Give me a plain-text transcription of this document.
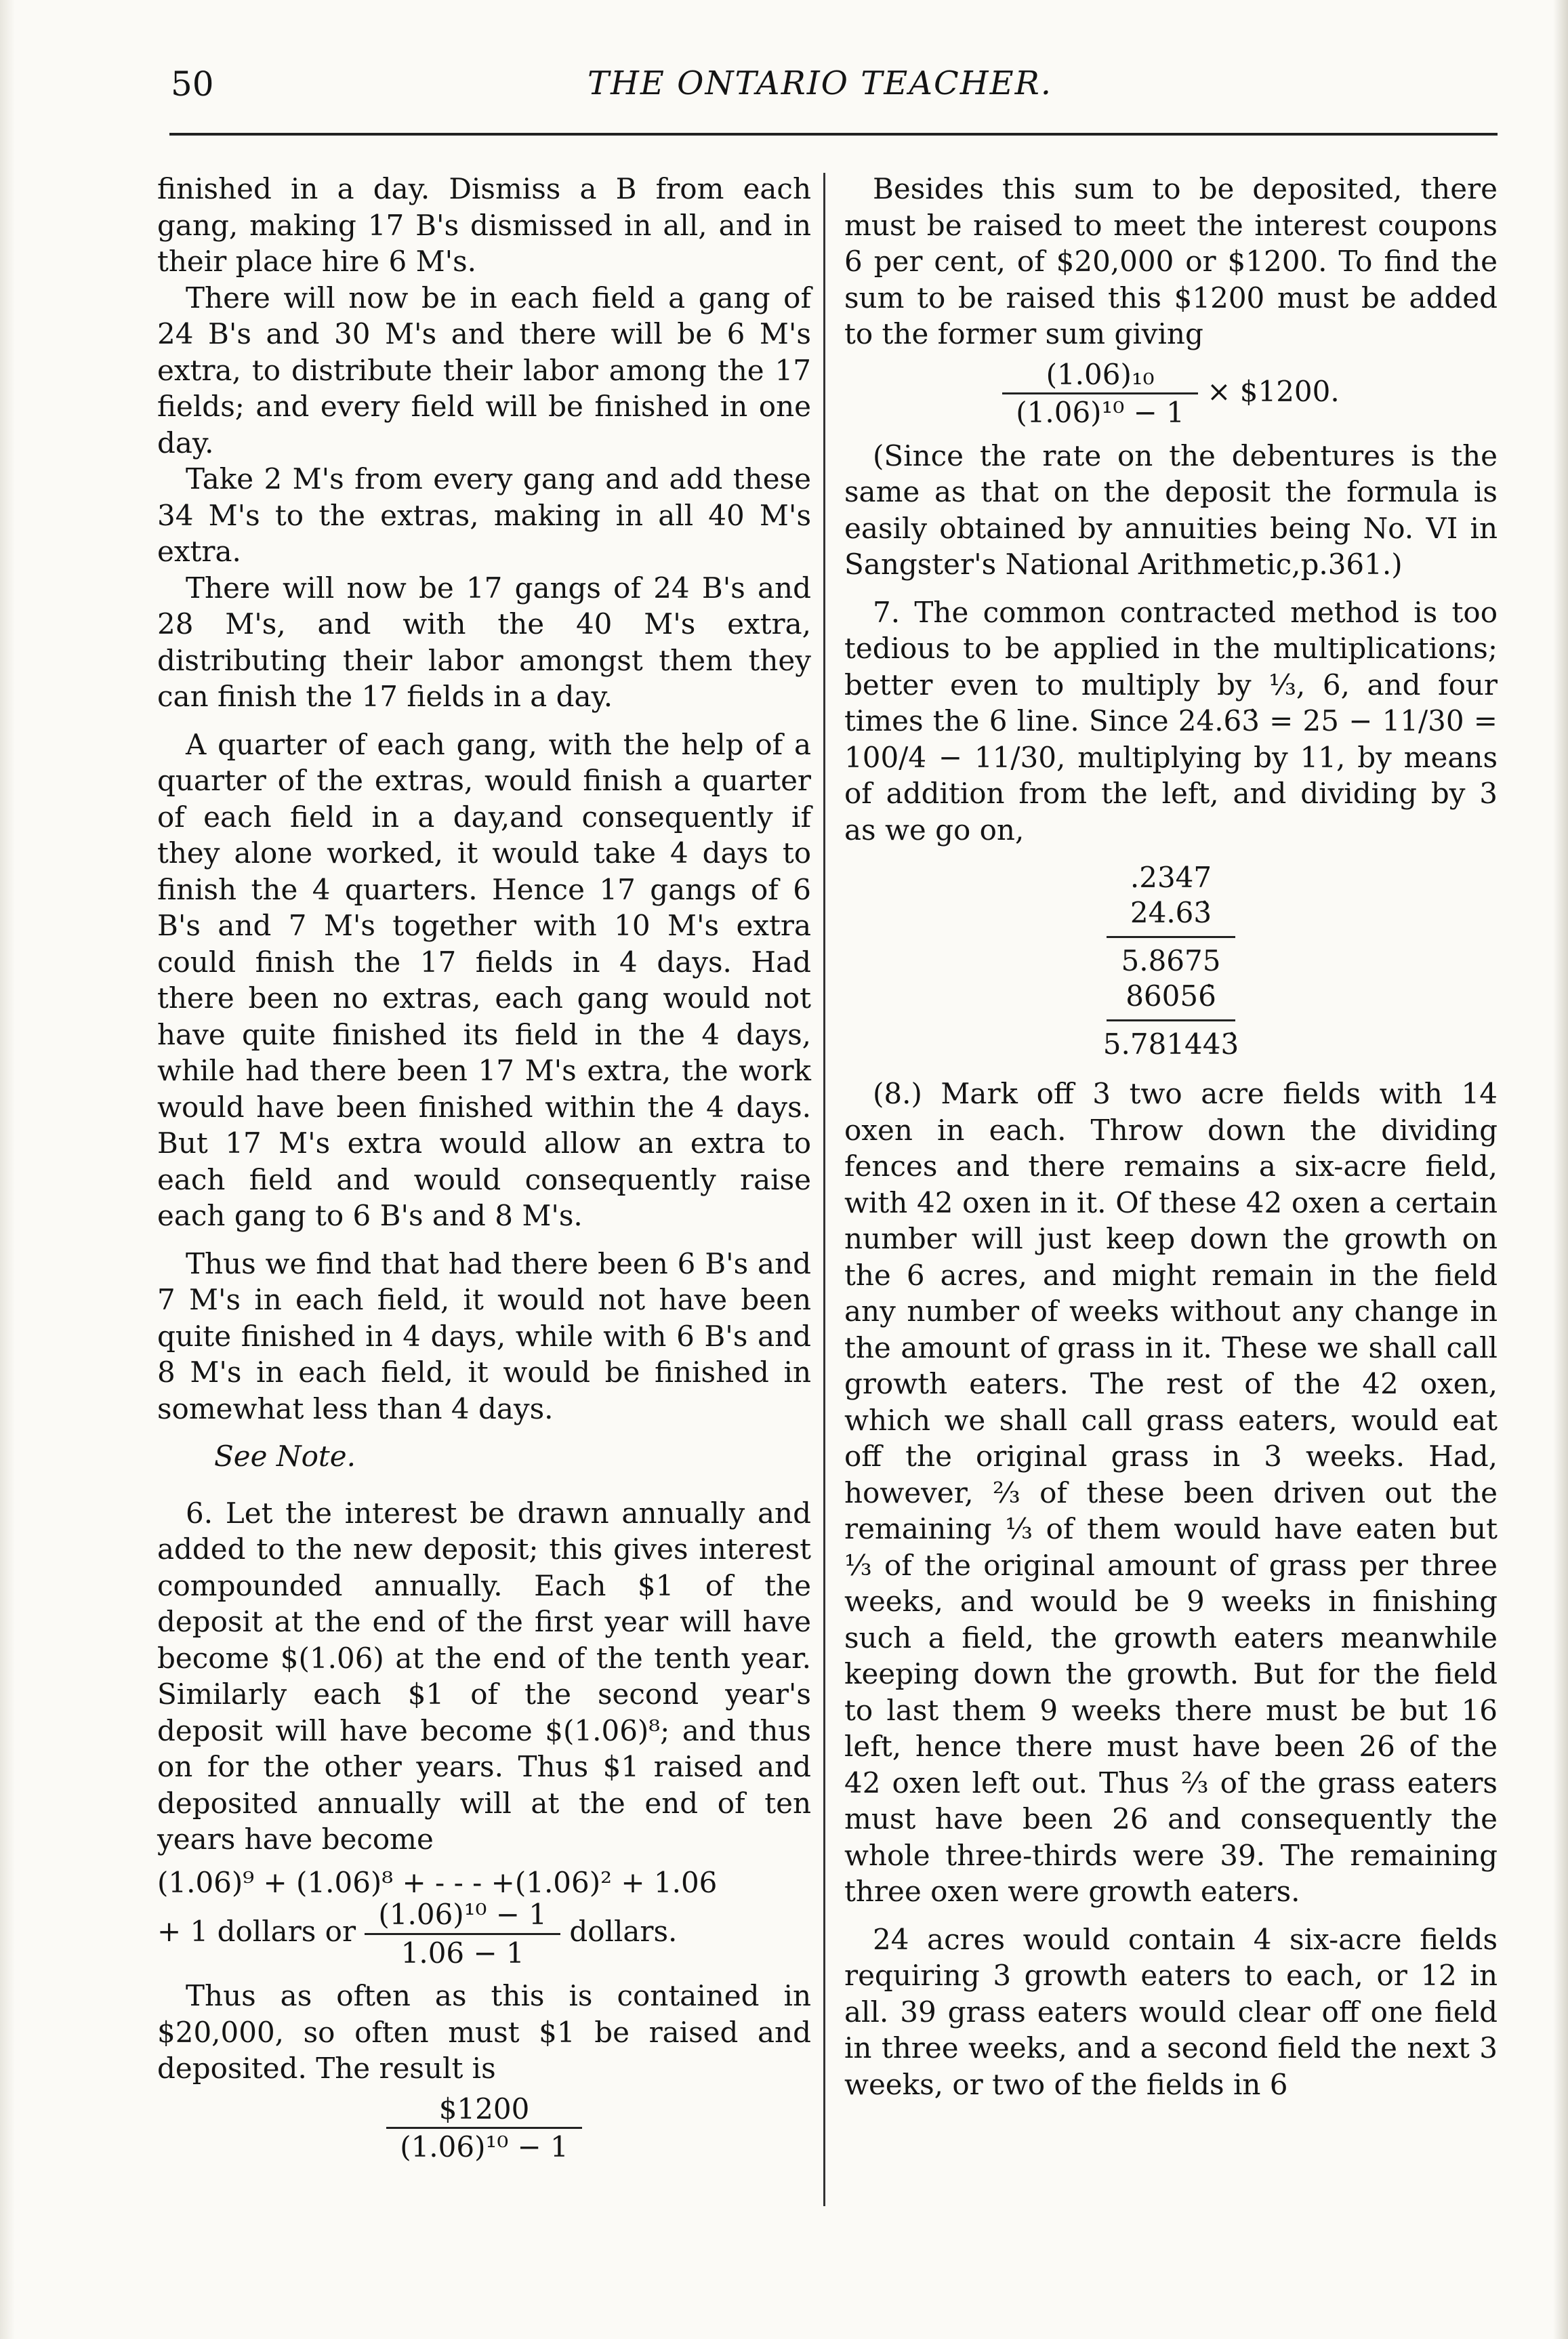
50	THE ONTARIO TEACHER.

finished in a day. Dismiss a B from each gang, making 17 B's dismissed in all, and in their place hire 6 M's.

There will now be in each field a gang of 24 B's and 30 M's and there will be 6 M's extra, to distribute their labor among the 17 fields; and every field will be finished in one day.

Take 2 M's from every gang and add these 34 M's to the extras, making in all 40 M's extra.

There will now be 17 gangs of 24 B's and 28 M's, and with the 40 M's extra, distributing their labor amongst them they can finish the 17 fields in a day.

A quarter of each gang, with the help of a quarter of the extras, would finish a quarter of each field in a day,and consequently if they alone worked, it would take 4 days to finish the 4 quarters. Hence 17 gangs of 6 B's and 7 M's together with 10 M's extra could finish the 17 fields in 4 days. Had there been no extras, each gang would not have quite finished its field in the 4 days, while had there been 17 M's extra, the work would have been finished within the 4 days. But 17 M's extra would allow an extra to each field and would consequently raise each gang to 6 B's and 8 M's.

Thus we find that had there been 6 B's and 7 M's in each field, it would not have been quite finished in 4 days, while with 6 B's and 8 M's in each field, it would be finished in somewhat less than 4 days.

See Note.

6. Let the interest be drawn annually and added to the new deposit; this gives interest compounded annually. Each $1 of the deposit at the end of the first year will have become $(1.06) at the end of the tenth year. Similarly each $1 of the second year's deposit will have become $(1.06)⁸; and thus on for the other years. Thus $1 raised and deposited annually will at the end of ten years have become

(1.06)⁹ + (1.06)⁸ + - - - +(1.06)² + 1.06
+ 1 dollars or $\frac{\text{(1.06)¹⁰ − 1}}{1.06 - 1}$ dollars.

Thus as often as this is contained in $20,000, so often must $1 be raised and deposited. The result is

$\frac{\$1200}{\text{(1.06)¹⁰ − 1}}$

Besides this sum to be deposited, there must be raised to meet the interest coupons 6 per cent, of $20,000 or $1200. To find the sum to be raised this $1200 must be added to the former sum giving

$\frac{\text{(1.06)₁₀}}{\text{(1.06)¹⁰ − 1}}$ × $1200.

(Since the rate on the debentures is the same as that on the deposit the formula is easily obtained by annuities being No. VI in Sangster's National Arithmetic,p.361.)

7. The common contracted method is too tedious to be applied in the multiplications; better even to multiply by ⅓, 6, and four times the 6 line. Since 24.63̇ = 25 − 11/30 = 100/4 − 11/30, multiplying by 11, by means of addition from the left, and dividing by 3 as we go on,

.2347
24.63̇
5.8675
86056̇
5.781443̇

(8.) Mark off 3 two acre fields with 14 oxen in each. Throw down the dividing fences and there remains a six-acre field, with 42 oxen in it. Of these 42 oxen a certain number will just keep down the growth on the 6 acres, and might remain in the field any number of weeks without any change in the amount of grass in it. These we shall call growth eaters. The rest of the 42 oxen, which we shall call grass eaters, would eat off the original grass in 3 weeks. Had, however, ⅔ of these been driven out the remaining ⅓ of them would have eaten but ⅓ of the original amount of grass per three weeks, and would be 9 weeks in finishing such a field, the growth eaters meanwhile keeping down the growth. But for the field to last them 9 weeks there must be but 16 left, hence there must have been 26 of the 42 oxen left out. Thus ⅔ of the grass eaters must have been 26 and consequently the whole three-thirds were 39. The remaining three oxen were growth eaters.

24 acres would contain 4 six-acre fields requiring 3 growth eaters to each, or 12 in all. 39 grass eaters would clear off one field in three weeks, and a second field the next 3 weeks, or two of the fields in 6
